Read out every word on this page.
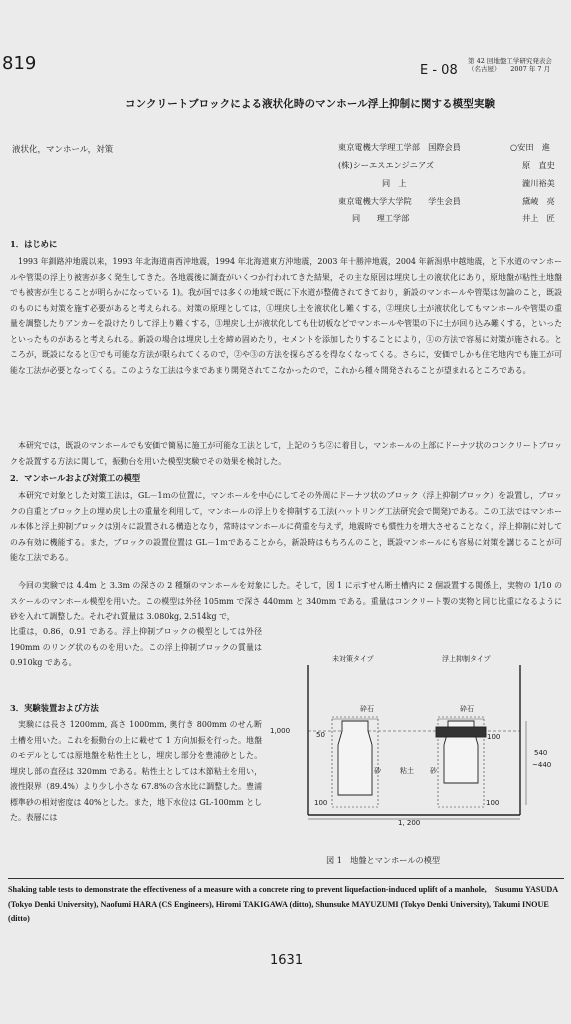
819	E - 08
第 42 回地盤工学研究発表会
（名古屋）　　2007 年 7 月
コンクリートブロックによる液状化時のマンホール浮上抑制に関する模型実験
液状化，マンホール，対策	東京電機大学理工学部　国際会員	○安田　進
(株)シーエスエンジニアズ	原　直史
同　上	瀧川裕美
東京電機大学大学院　　学生会員	黛崚　亮
同　　理工学部	井上　匠
1．はじめに
1993 年釧路沖地震以来，1993 年北海道南西沖地震，1994 年北海道東方沖地震，2003 年十勝沖地震，2004 年新潟県中越地震，と下水道のマンホールや管渠の浮上り被害が多く発生してきた。各地震後に調査がいくつか行われてきた結果，その主な原因は埋戻し土の液状化にあり，原地盤が粘性土地盤でも被害が生じることが明らかになっている 1)。我が国では多くの地域で既に下水道が整備されてきており，新設のマンホールや管渠は勿論のこと，既設のものにも対策を施す必要があると考えられる。対策の原理としては，①埋戻し土を液状化し難くする，②埋戻し土が液状化してもマンホールや管渠の重量を調整したりアンカーを設けたりして浮上り難くする，③埋戻し土が液状化しても仕切板などでマンホールや管渠の下に土が回り込み難くする，といったといったものがあると考えられる。新設の場合は埋戻し土を締め固めたり，セメントを添加したりすることにより，①の方法で容易に対策が施される。ところが，既設になると①でも可能な方法が限られてくるので，②や③の方法を探らざるを得なくなってくる。さらに，安価でしかも住宅地内でも施工が可能な工法が必要となってくる。このような工法は今まであまり開発されてこなかったので，これから種々開発されることが望まれるところである。
本研究では，既設のマンホールでも安価で簡易に施工が可能な工法として，上記のうち②に着目し，マンホールの上部にドーナツ状のコンクリートブロックを設置する方法に関して，振動台を用いた模型実験でその効果を検討した。
2．マンホールおよび対策工の模型
本研究で対象とした対策工法は，GL－1ｍの位置に，マンホールを中心にしてその外周にドーナツ状のブロック（浮上抑制ブロック）を設置し，ブロックの自重とブロック上の埋め戻し土の重量を利用して，マンホールの浮上りを抑制する工法(ハットリング工法研究会で開発)である。この工法ではマンホール本体と浮上抑制ブロックは別々に設置される構造となり，常時はマンホールに荷重を与えず，地震時でも慣性力を増大させることなく，浮上抑制に対してのみ有効に機能する。また，ブロックの設置位置は GL－1ｍであることから，新設時はもちろんのこと，既設マンホールにも容易に対策を講じることが可能な工法である。
今回の実験では 4.4m と 3.3m の深さの 2 種類のマンホールを対象にした。そして，図 1 に示すせん断土槽内に 2 個設置する関係上，実物の 1/10 のスケールのマンホール模型を用いた。この模型は外径 105mm で深さ 440mm と 340mm である。重量はコンクリート製の実物と同じ比重になるように砂を入れて調整した。それぞれ質量は 3.080kg, 2.514kg で，
比重は，0.86，0.91 である。浮上抑制ブロックの模型としては外径 190mm のリング状のものを用いた。この浮上抑制ブロックの質量は 0.910kg である。
3．実験装置および方法
実験には長さ 1200mm, 高さ 1000mm, 奥行き 800mm のせん断土槽を用いた。これを振動台の上に載せて 1 方向加振を行った。地盤のモデルとしては原地盤を粘性土とし，埋戻し部分を豊浦砂とした。埋戻し部の直径は 320mm である。粘性土としては木節粘土を用い，液性限界（89.4%）より少し小さな 67.8%の含水比に調整した。豊浦標準砂の相対密度は 40%とした。また，地下水位は GL-100mm とした。表層には
未対策タイプ	浮上抑制タイプ
砕石	砕石
1,000	50	100
100	100
540
~440
1, 200
砂	粘土 砂
図 1　地盤とマンホールの模型
Shaking table tests to demonstrate the effectiveness of a measure with a concrete ring to prevent liquefaction-induced uplift of a manhole,　Susumu YASUDA (Tokyo Denki University), Naofumi HARA (CS Engineers), Hiromi TAKIGAWA (ditto), Shunsuke MAYUZUMI (Tokyo Denki University), Takumi INOUE (ditto)
1631
